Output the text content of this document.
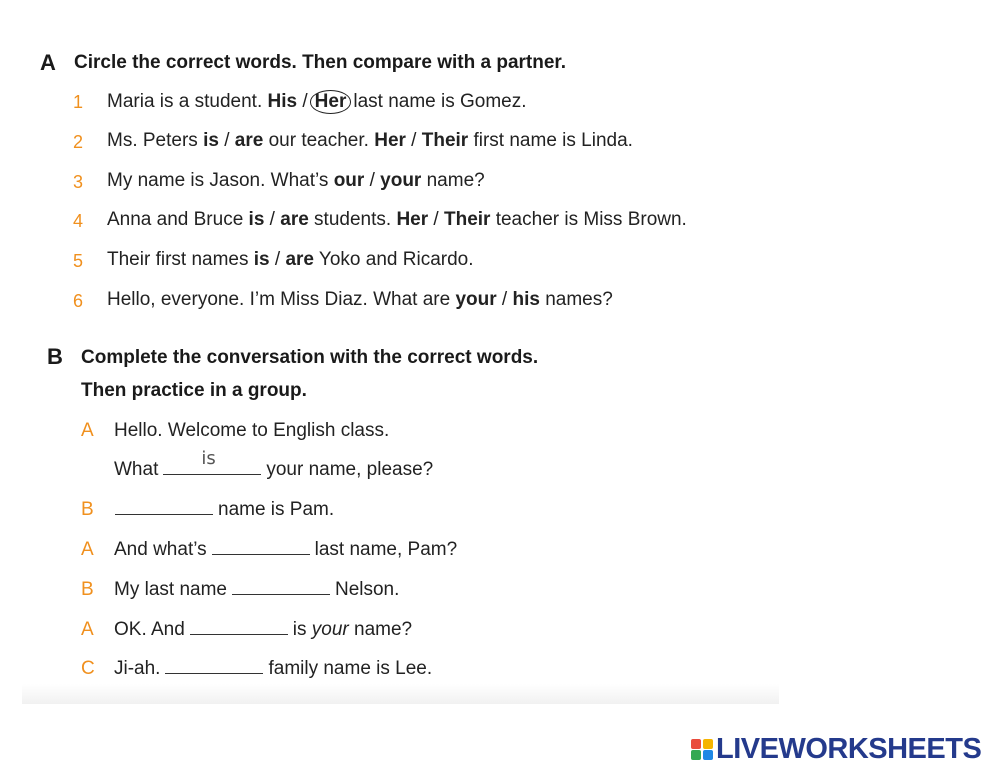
A Circle the correct words. Then compare with a partner.
1 Maria is a student. His / Her last name is Gomez.
2 Ms. Peters is / are our teacher. Her / Their first name is Linda.
3 My name is Jason. What’s our / your name?
4 Anna and Bruce is / are students. Her / Their teacher is Miss Brown.
5 Their first names is / are Yoko and Ricardo.
6 Hello, everyone. I’m Miss Diaz. What are your / his names?
B Complete the conversation with the correct words.
Then practice in a group.
A Hello. Welcome to English class.
What
is
your name, please?
B	name is Pam.
A And what’s	last name, Pam?
B My last name	Nelson.
A OK. And	is your name?
C Ji-ah.	family name is Lee.
LIVEWORKSHEETS
